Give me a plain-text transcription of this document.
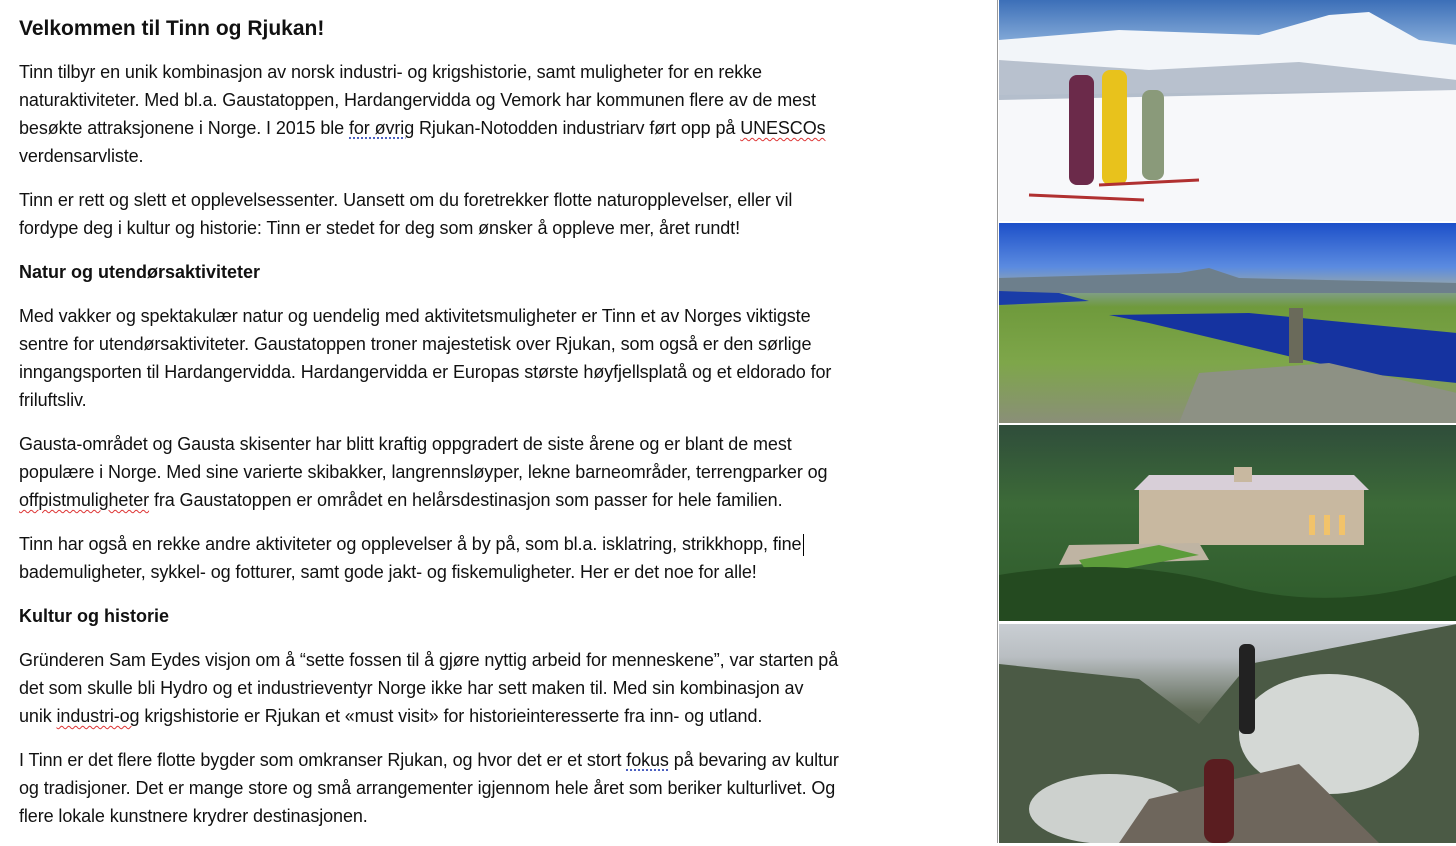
Velkommen til Tinn og Rjukan!
Tinn tilbyr en unik kombinasjon av norsk industri- og krigshistorie, samt muligheter for en rekke
naturaktiviteter. Med bl.a. Gaustatoppen, Hardangervidda og Vemork har kommunen flere av de mest
besøkte attraksjonene i Norge. I 2015 ble for øvrig Rjukan-Notodden industriarv ført opp på UNESCOs
verdensarvliste.
Tinn er rett og slett et opplevelsessenter. Uansett om du foretrekker flotte naturopplevelser, eller vil
fordype deg i kultur og historie: Tinn er stedet for deg som ønsker å oppleve mer, året rundt!
Natur og utendørsaktiviteter
Med vakker og spektakulær natur og uendelig med aktivitetsmuligheter er Tinn et av Norges viktigste
sentre for utendørsaktiviteter. Gaustatoppen troner majestetisk over Rjukan, som også er den sørlige
inngangsporten til Hardangervidda. Hardangervidda er Europas største høyfjellsplatå og et eldorado for
friluftsliv.
Gausta-området og Gausta skisenter har blitt kraftig oppgradert de siste årene og er blant de mest
populære i Norge. Med sine varierte skibakker, langrennsløyper, lekne barneområder, terrengparker og
offpistmuligheter fra Gaustatoppen er området en helårsdestinasjon som passer for hele familien.
Tinn har også en rekke andre aktiviteter og opplevelser å by på, som bl.a. isklatring, strikkhopp, fine
bademuligheter, sykkel- og fotturer, samt gode jakt- og fiskemuligheter. Her er det noe for alle!
Kultur og historie
Gründeren Sam Eydes visjon om å “sette fossen til å gjøre nyttig arbeid for menneskene”, var starten på
det som skulle bli Hydro og et industrieventyr Norge ikke har sett maken til. Med sin kombinasjon av
unik industri-og krigshistorie er Rjukan et «must visit» for historieinteresserte fra inn- og utland.
I Tinn er det flere flotte bygder som omkranser Rjukan, og hvor det er et stort fokus på bevaring av kultur
og tradisjoner. Det er mange store og små arrangementer igjennom hele året som beriker kulturlivet. Og
flere lokale kunstnere krydrer destinasjonen.
